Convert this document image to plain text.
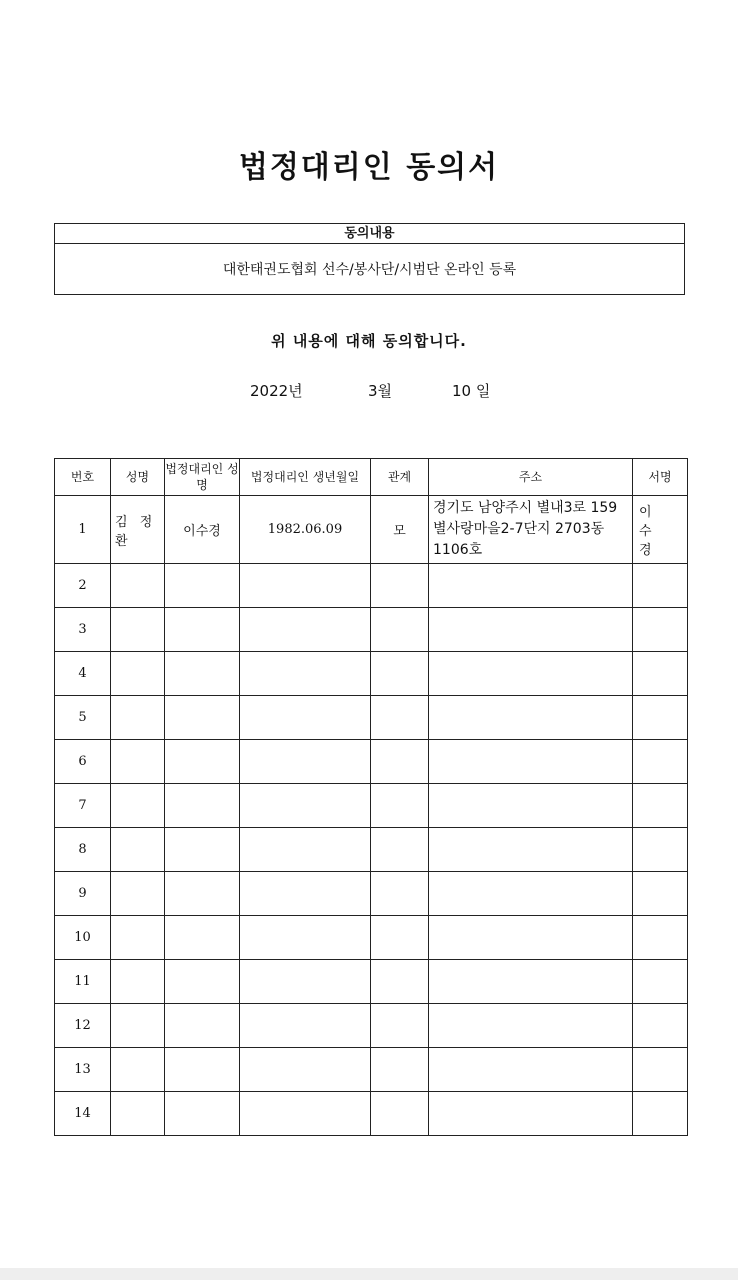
법정대리인 동의서
동의내용
대한태권도협회 선수/봉사단/시범단 온라인 등록
위 내용에 대해 동의합니다.
2022년	3월	10 일
번호	성명	법정대리인 성명	법정대리인 생년월일	관계	주소	서명
1	김 정 환	이수경	1982.06.09	모	경기도 남양주시 별내3로 159 별사랑마을2-7단지 2703동 1106호	이 수 경
2						
3						
4						
5						
6						
7						
8						
9						
10						
11						
12						
13						
14						
